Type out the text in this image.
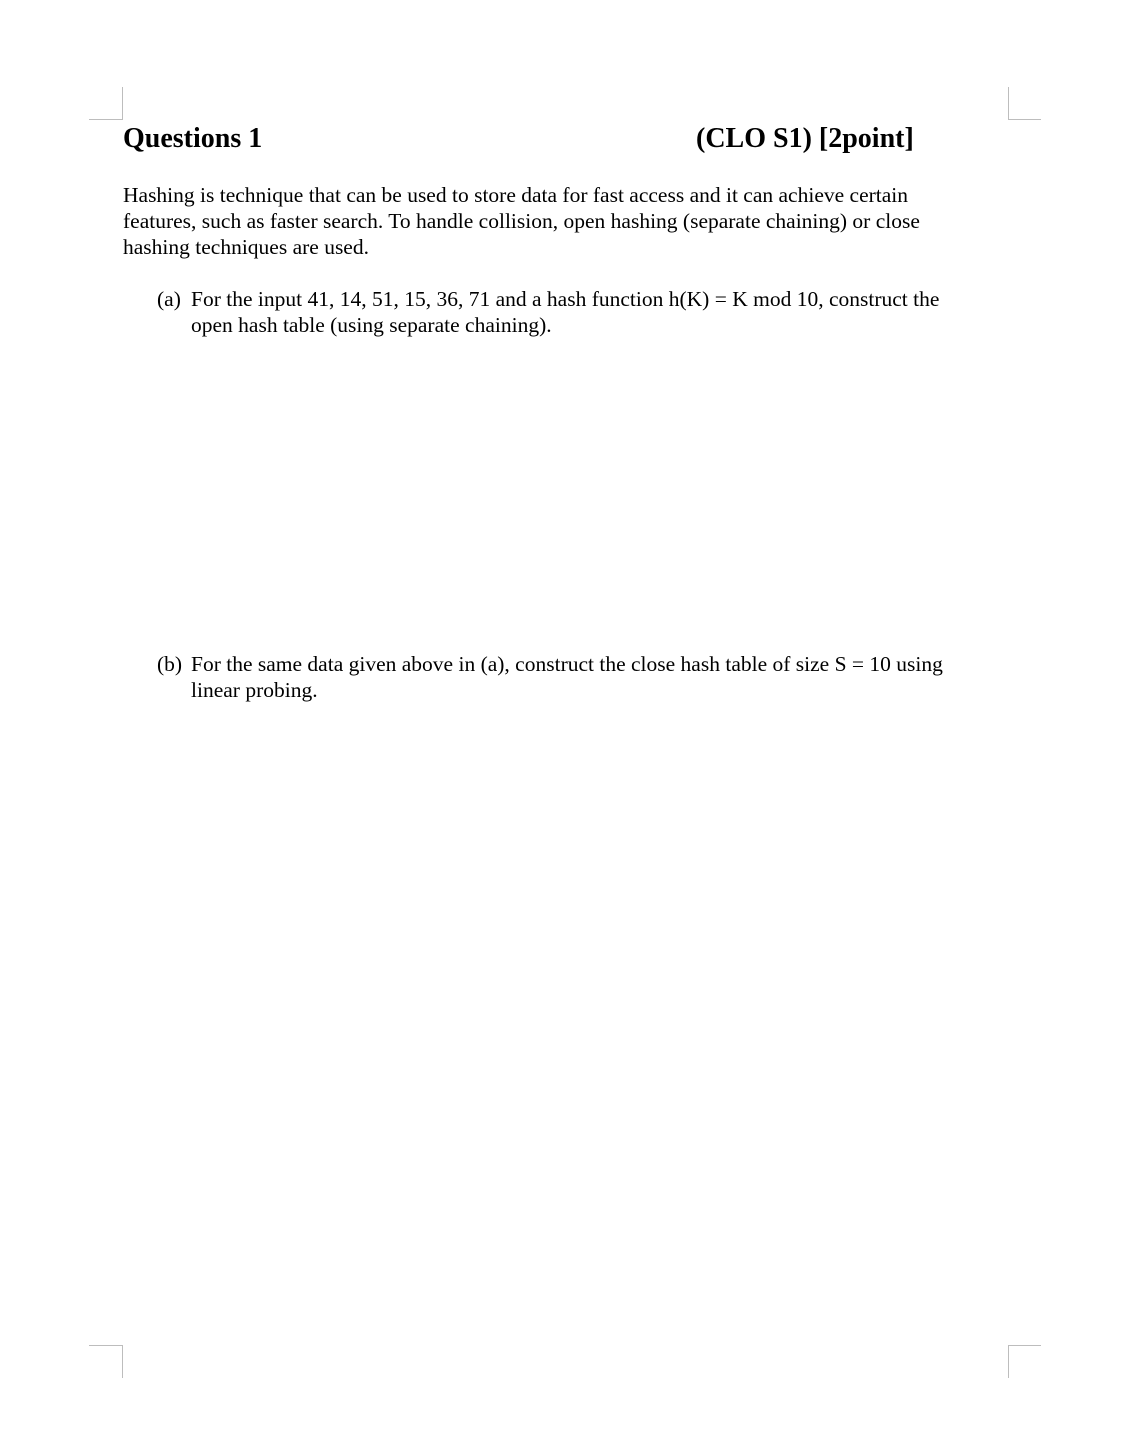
Questions 1	(CLO S1) [2point]

Hashing is technique that can be used to store data for fast access and it can achieve certain

features, such as faster search. To handle collision, open hashing (separate chaining) or close

hashing techniques are used.

(a) For the input 41, 14, 51, 15, 36, 71 and a hash function h(K) = K mod 10, construct the
open hash table (using separate chaining).
(b) For the same data given above in (a), construct the close hash table of size S = 10 using
linear probing.
